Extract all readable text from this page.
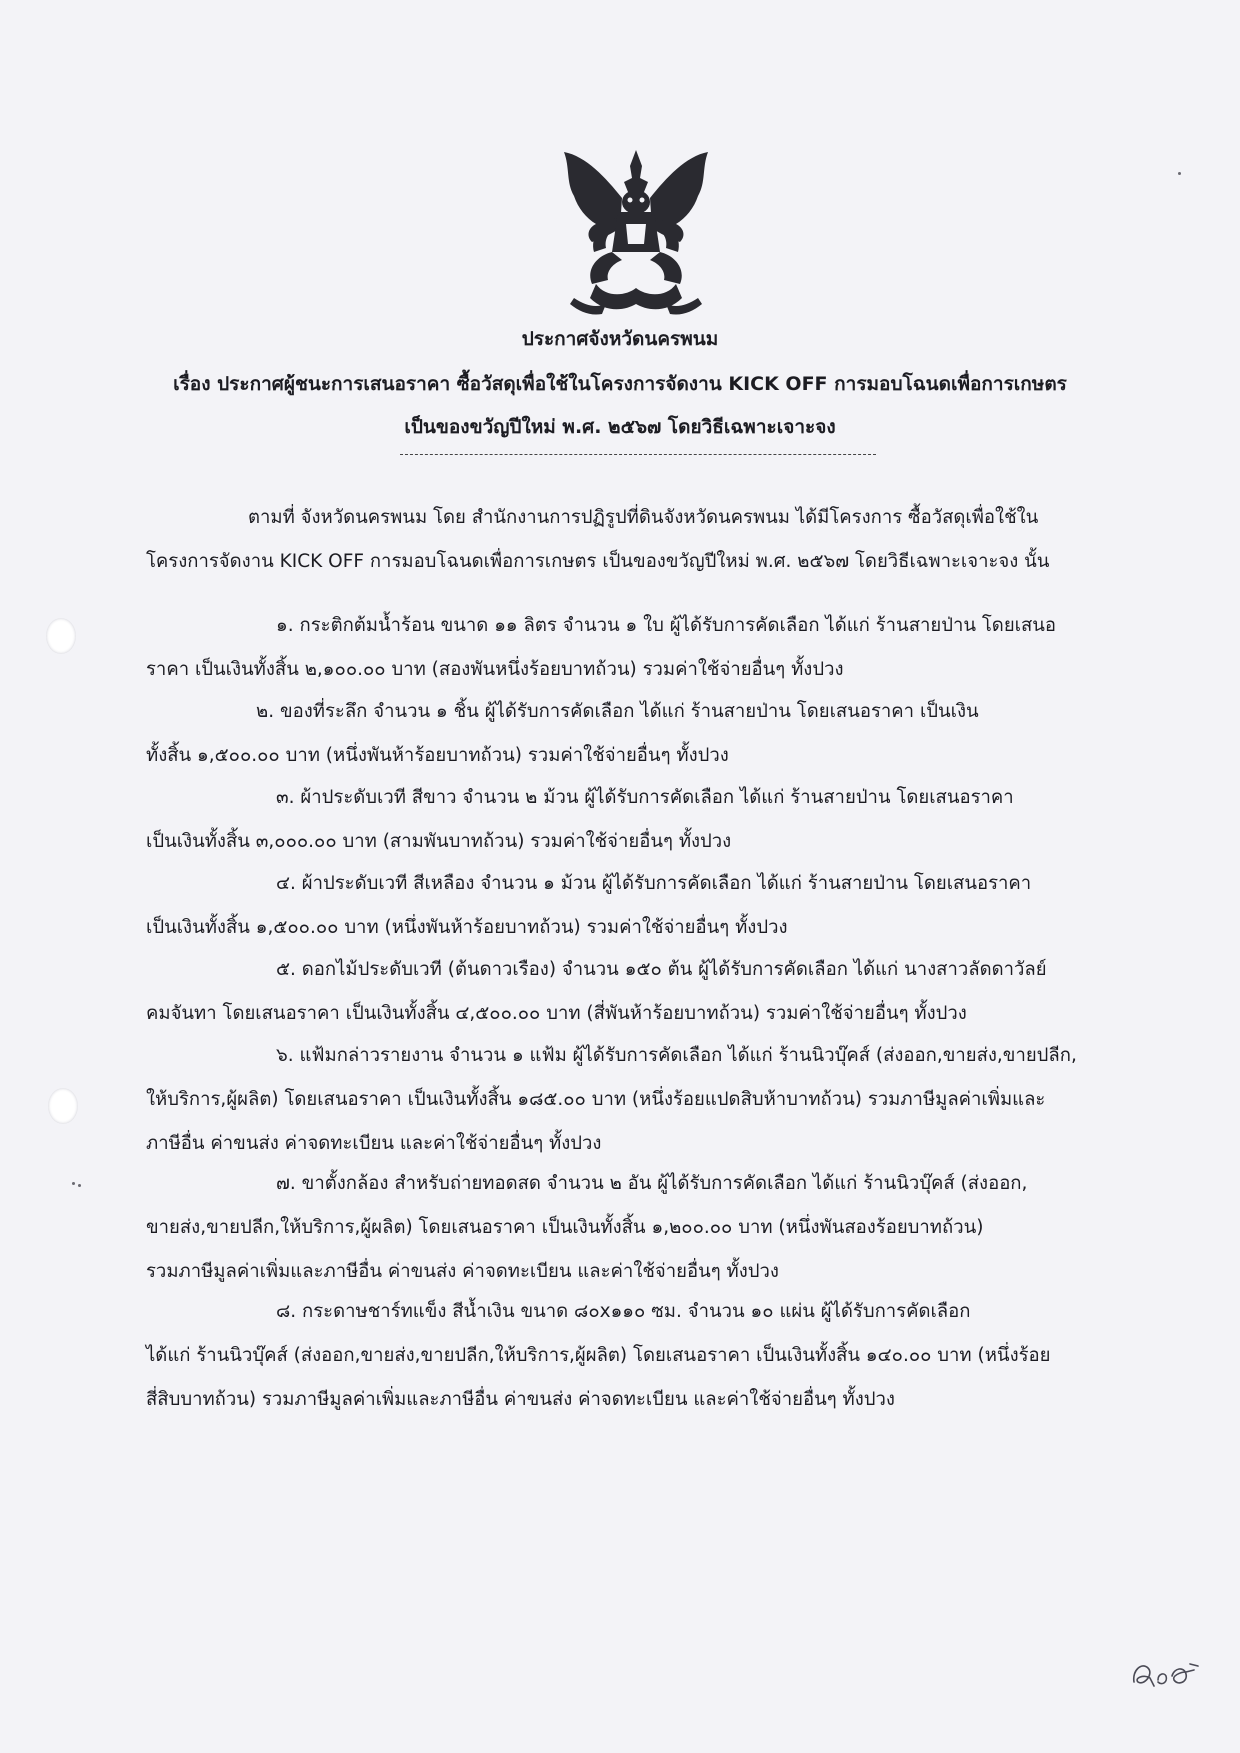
ประกาศจังหวัดนครพนม
เรื่อง ประกาศผู้ชนะการเสนอราคา ซื้อวัสดุเพื่อใช้ในโครงการจัดงาน KICK OFF การมอบโฉนดเพื่อการเกษตร
เป็นของขวัญปีใหม่ พ.ศ. ๒๕๖๗ โดยวิธีเฉพาะเจาะจง
ตามที่ จังหวัดนครพนม โดย สำนักงานการปฏิรูปที่ดินจังหวัดนครพนม ได้มีโครงการ ซื้อวัสดุเพื่อใช้ใน
โครงการจัดงาน KICK OFF การมอบโฉนดเพื่อการเกษตร เป็นของขวัญปีใหม่ พ.ศ. ๒๕๖๗ โดยวิธีเฉพาะเจาะจง นั้น
๑. กระติกต้มน้ำร้อน ขนาด ๑๑ ลิตร จำนวน ๑ ใบ ผู้ได้รับการคัดเลือก ได้แก่ ร้านสายป่าน โดยเสนอ
ราคา เป็นเงินทั้งสิ้น ๒,๑๐๐.๐๐ บาท (สองพันหนึ่งร้อยบาทถ้วน) รวมค่าใช้จ่ายอื่นๆ ทั้งปวง
๒. ของที่ระลึก จำนวน ๑ ชิ้น ผู้ได้รับการคัดเลือก ได้แก่ ร้านสายป่าน โดยเสนอราคา เป็นเงิน
ทั้งสิ้น ๑,๕๐๐.๐๐ บาท (หนึ่งพันห้าร้อยบาทถ้วน) รวมค่าใช้จ่ายอื่นๆ ทั้งปวง
๓. ผ้าประดับเวที สีขาว จำนวน ๒ ม้วน ผู้ได้รับการคัดเลือก ได้แก่ ร้านสายป่าน โดยเสนอราคา
เป็นเงินทั้งสิ้น ๓,๐๐๐.๐๐ บาท (สามพันบาทถ้วน) รวมค่าใช้จ่ายอื่นๆ ทั้งปวง
๔. ผ้าประดับเวที สีเหลือง จำนวน ๑ ม้วน ผู้ได้รับการคัดเลือก ได้แก่ ร้านสายป่าน โดยเสนอราคา
เป็นเงินทั้งสิ้น ๑,๕๐๐.๐๐ บาท (หนึ่งพันห้าร้อยบาทถ้วน) รวมค่าใช้จ่ายอื่นๆ ทั้งปวง
๕. ดอกไม้ประดับเวที (ต้นดาวเรือง) จำนวน ๑๕๐ ต้น ผู้ได้รับการคัดเลือก ได้แก่ นางสาวลัดดาวัลย์
คมจันทา โดยเสนอราคา เป็นเงินทั้งสิ้น ๔,๕๐๐.๐๐ บาท (สี่พันห้าร้อยบาทถ้วน) รวมค่าใช้จ่ายอื่นๆ ทั้งปวง
๖. แฟ้มกล่าวรายงาน จำนวน ๑ แฟ้ม ผู้ได้รับการคัดเลือก ได้แก่ ร้านนิวบุ๊คส์ (ส่งออก,ขายส่ง,ขายปลีก,
ให้บริการ,ผู้ผลิต) โดยเสนอราคา เป็นเงินทั้งสิ้น ๑๘๕.๐๐ บาท (หนึ่งร้อยแปดสิบห้าบาทถ้วน) รวมภาษีมูลค่าเพิ่มและ
ภาษีอื่น ค่าขนส่ง ค่าจดทะเบียน และค่าใช้จ่ายอื่นๆ ทั้งปวง
๗. ขาตั้งกล้อง สำหรับถ่ายทอดสด จำนวน ๒ อัน ผู้ได้รับการคัดเลือก ได้แก่ ร้านนิวบุ๊คส์ (ส่งออก,
ขายส่ง,ขายปลีก,ให้บริการ,ผู้ผลิต) โดยเสนอราคา เป็นเงินทั้งสิ้น ๑,๒๐๐.๐๐ บาท (หนึ่งพันสองร้อยบาทถ้วน)
รวมภาษีมูลค่าเพิ่มและภาษีอื่น ค่าขนส่ง ค่าจดทะเบียน และค่าใช้จ่ายอื่นๆ ทั้งปวง
๘. กระดาษชาร์ทแข็ง สีน้ำเงิน ขนาด ๘๐x๑๑๐ ซม. จำนวน ๑๐ แผ่น ผู้ได้รับการคัดเลือก
ได้แก่ ร้านนิวบุ๊คส์ (ส่งออก,ขายส่ง,ขายปลีก,ให้บริการ,ผู้ผลิต) โดยเสนอราคา เป็นเงินทั้งสิ้น ๑๔๐.๐๐ บาท (หนึ่งร้อย
สี่สิบบาทถ้วน) รวมภาษีมูลค่าเพิ่มและภาษีอื่น ค่าขนส่ง ค่าจดทะเบียน และค่าใช้จ่ายอื่นๆ ทั้งปวง
